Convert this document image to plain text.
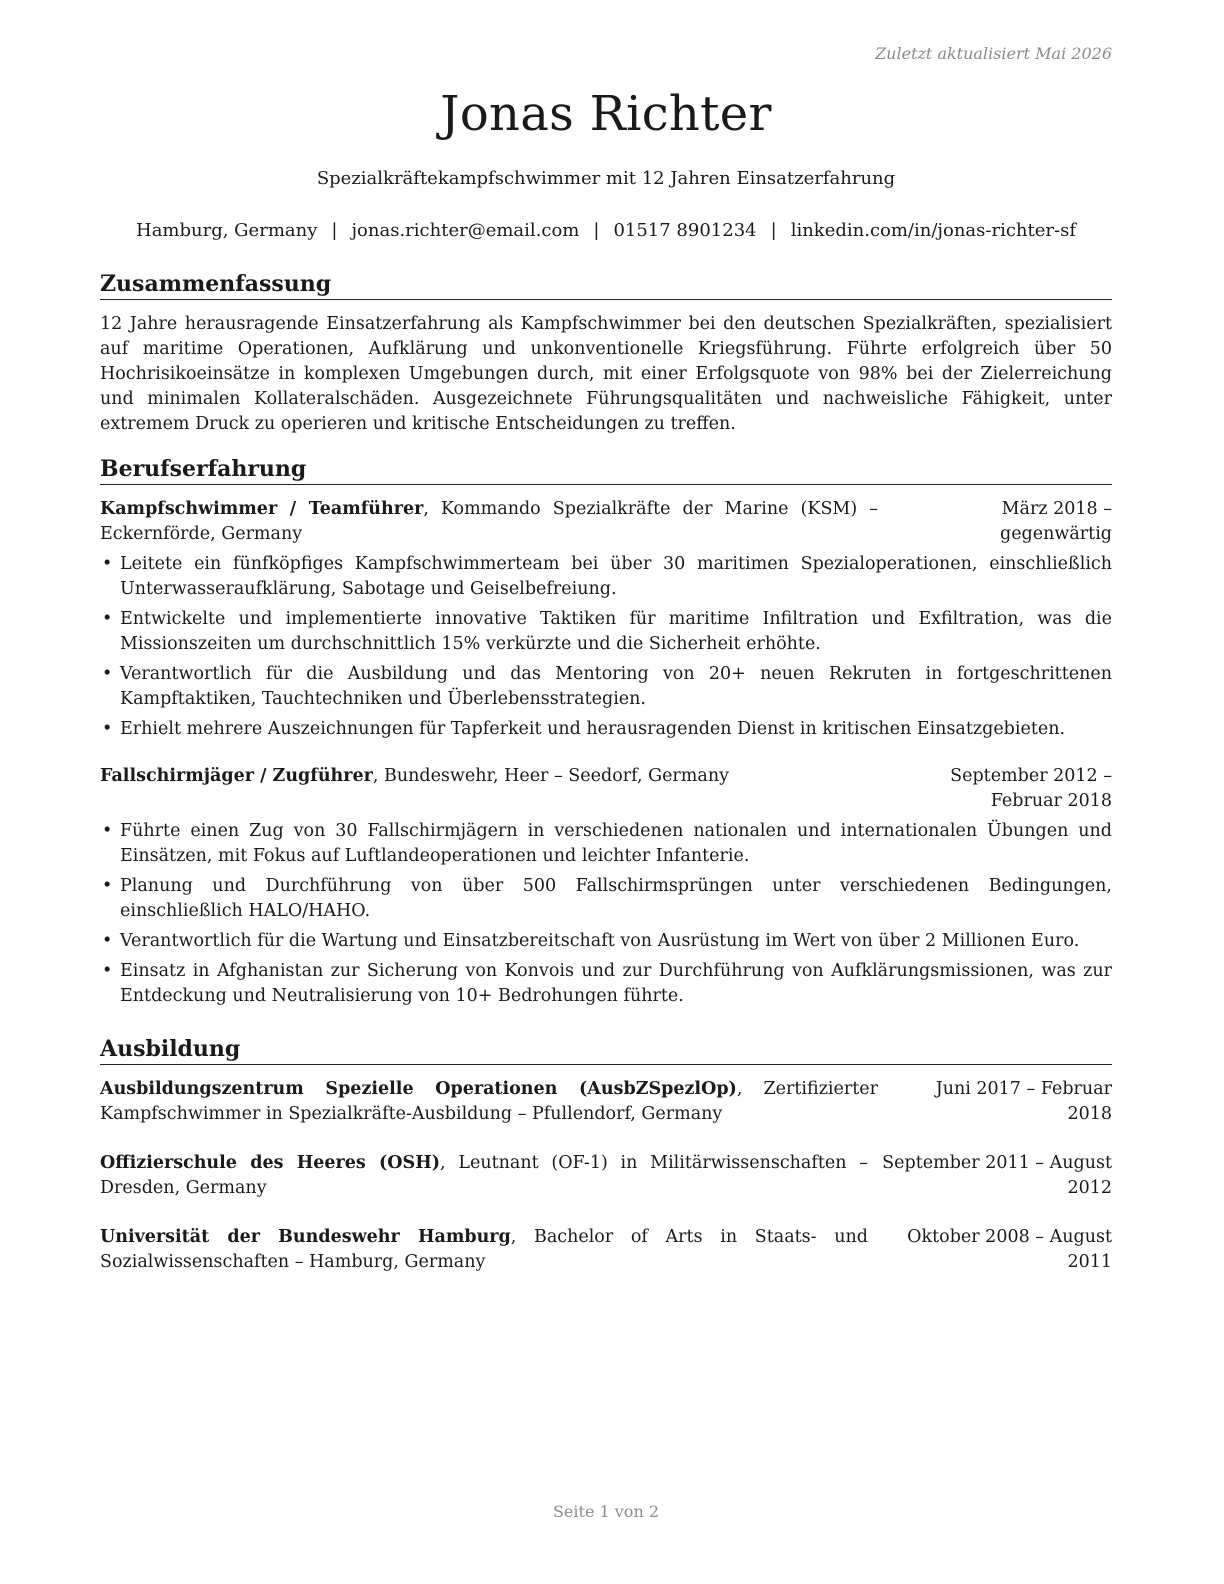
Zuletzt aktualisiert Mai 2026
Jonas Richter
Spezialkräftekampfschwimmer mit 12 Jahren Einsatzerfahrung
Hamburg, Germany | jonas.richter@email.com | 01517 8901234 | linkedin.com/in/jonas-richter-sf
Zusammenfassung
12 Jahre herausragende Einsatzerfahrung als Kampfschwimmer bei den deutschen Spezialkräften, spezialisiert auf maritime Operationen, Aufklärung und unkonventionelle Kriegsführung. Führte erfolgreich über 50 Hochrisikoeinsätze in komplexen Umgebungen durch, mit einer Erfolgsquote von 98% bei der Zielerreichung und minimalen Kollateralschäden. Ausgezeichnete Führungsqualitäten und nachweisliche Fähigkeit, unter extremem Druck zu operieren und kritische Entscheidungen zu treffen.
Berufserfahrung
Kampfschwimmer / Teamführer, Kommando Spezialkräfte der Marine (KSM) – Eckernförde, Germany
März 2018 – gegenwärtig
• Leitete ein fünfköpfiges Kampfschwimmerteam bei über 30 maritimen Spezialoperationen, einschließlich Unterwasseraufklärung, Sabotage und Geiselbefreiung.
• Entwickelte und implementierte innovative Taktiken für maritime Infiltration und Exfiltration, was die Missionszeiten um durchschnittlich 15% verkürzte und die Sicherheit erhöhte.
• Verantwortlich für die Ausbildung und das Mentoring von 20+ neuen Rekruten in fortgeschrittenen Kampftaktiken, Tauchtechniken und Überlebensstrategien.
• Erhielt mehrere Auszeichnungen für Tapferkeit und herausragenden Dienst in kritischen Einsatzgebieten.
Fallschirmjäger / Zugführer, Bundeswehr, Heer – Seedorf, Germany	September 2012 – Februar 2018
• Führte einen Zug von 30 Fallschirmjägern in verschiedenen nationalen und internationalen Übungen und Einsätzen, mit Fokus auf Luftlandeoperationen und leichter Infanterie.
• Planung und Durchführung von über 500 Fallschirmsprüngen unter verschiedenen Bedingungen, einschließlich HALO/HAHO.
• Verantwortlich für die Wartung und Einsatzbereitschaft von Ausrüstung im Wert von über 2 Millionen Euro.
• Einsatz in Afghanistan zur Sicherung von Konvois und zur Durchführung von Aufklärungsmissionen, was zur Entdeckung und Neutralisierung von 10+ Bedrohungen führte.
Ausbildung
Ausbildungszentrum Spezielle Operationen (AusbZSpezlOp), Zertifizierter Kampfschwimmer in Spezialkräfte-Ausbildung – Pfullendorf, Germany
Juni 2017 – Februar 2018
Offizierschule des Heeres (OSH), Leutnant (OF-1) in Militärwissenschaften – Dresden, Germany
September 2011 – August 2012
Universität der Bundeswehr Hamburg, Bachelor of Arts in Staats- und Sozialwissenschaften – Hamburg, Germany
Oktober 2008 – August 2011
Seite 1 von 2
